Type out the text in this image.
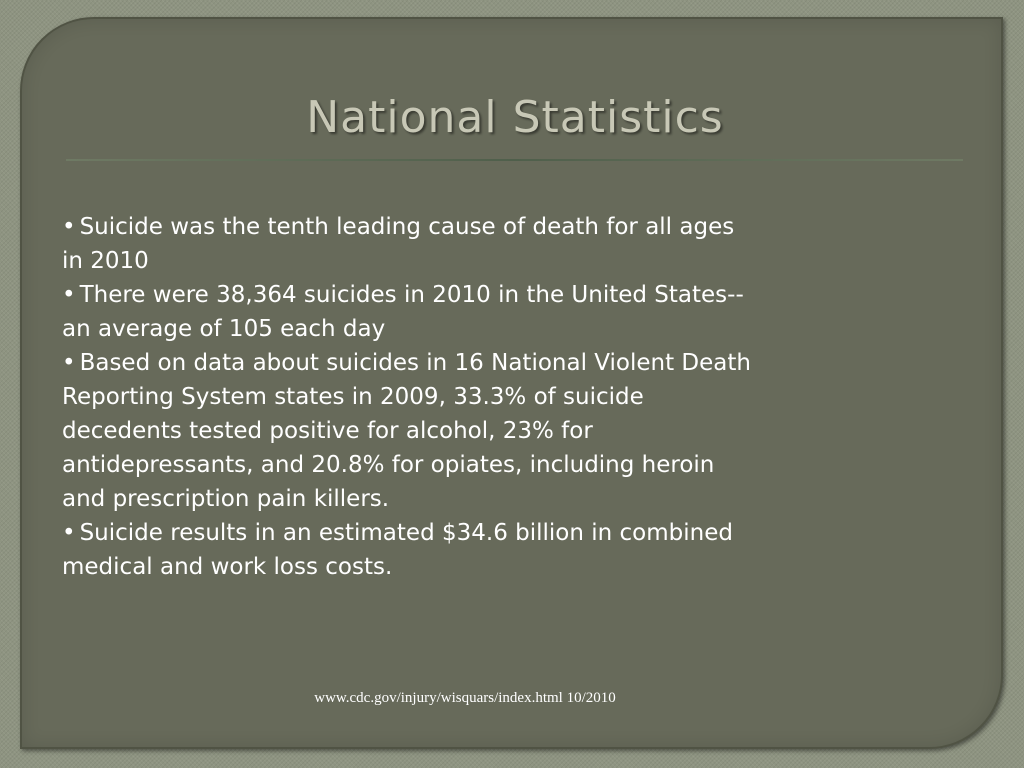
National Statistics
• Suicide was the tenth leading cause of death for all ages in 2010
• There were 38,364 suicides in 2010 in the United States--an average of 105 each day
• Based on data about suicides in 16 National Violent Death Reporting System states in 2009, 33.3% of suicide decedents tested positive for alcohol, 23% for antidepressants, and 20.8% for opiates, including heroin and prescription pain killers.
• Suicide results in an estimated $34.6 billion in combined medical and work loss costs.
www.cdc.gov/injury/wisquars/index.html 10/2010
